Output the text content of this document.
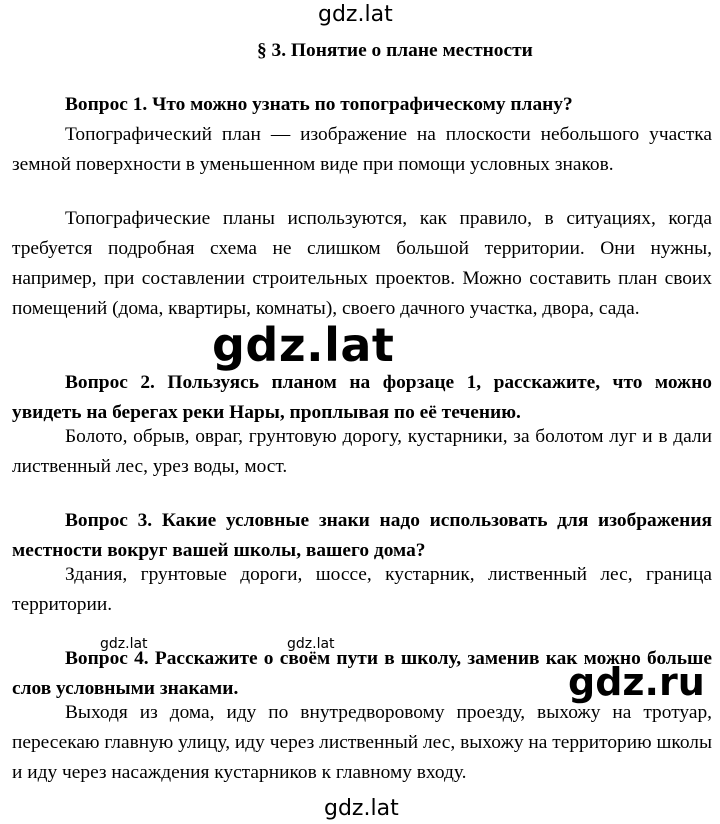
gdz.lat
§ 3. Понятие о плане местности
Вопрос 1. Что можно узнать по топографическому плану?
Топографический план — изображение на плоскости небольшого участка земной поверхности в уменьшенном виде при помощи условных знаков.
Топографические планы используются, как правило, в ситуациях, когда требуется подробная схема не слишком большой территории. Они нужны, например, при составлении строительных проектов. Можно составить план своих помещений (дома, квартиры, комнаты), своего дачного участка, двора, сада.
Вопрос 2. Пользуясь планом на форзаце 1, расскажите, что можно увидеть на берегах реки Нары, проплывая по её течению.
Болото, обрыв, овраг, грунтовую дорогу, кустарники, за болотом луг и в дали лиственный лес, урез воды, мост.
Вопрос 3. Какие условные знаки надо использовать для изображения местности вокруг вашей школы, вашего дома?
Здания, грунтовые дороги, шоссе, кустарник, лиственный лес, граница территории.
Вопрос 4. Расскажите о своём пути в школу, заменив как можно больше слов условными знаками.
Выходя из дома, иду по внутредворовому проезду, выхожу на тротуар, пересекаю главную улицу, иду через лиственный лес, выхожу на территорию школы и иду через насаждения кустарников к главному входу.
gdz.lat
gdz.lat	gdz.lat
gdz.ru
gdz.lat
